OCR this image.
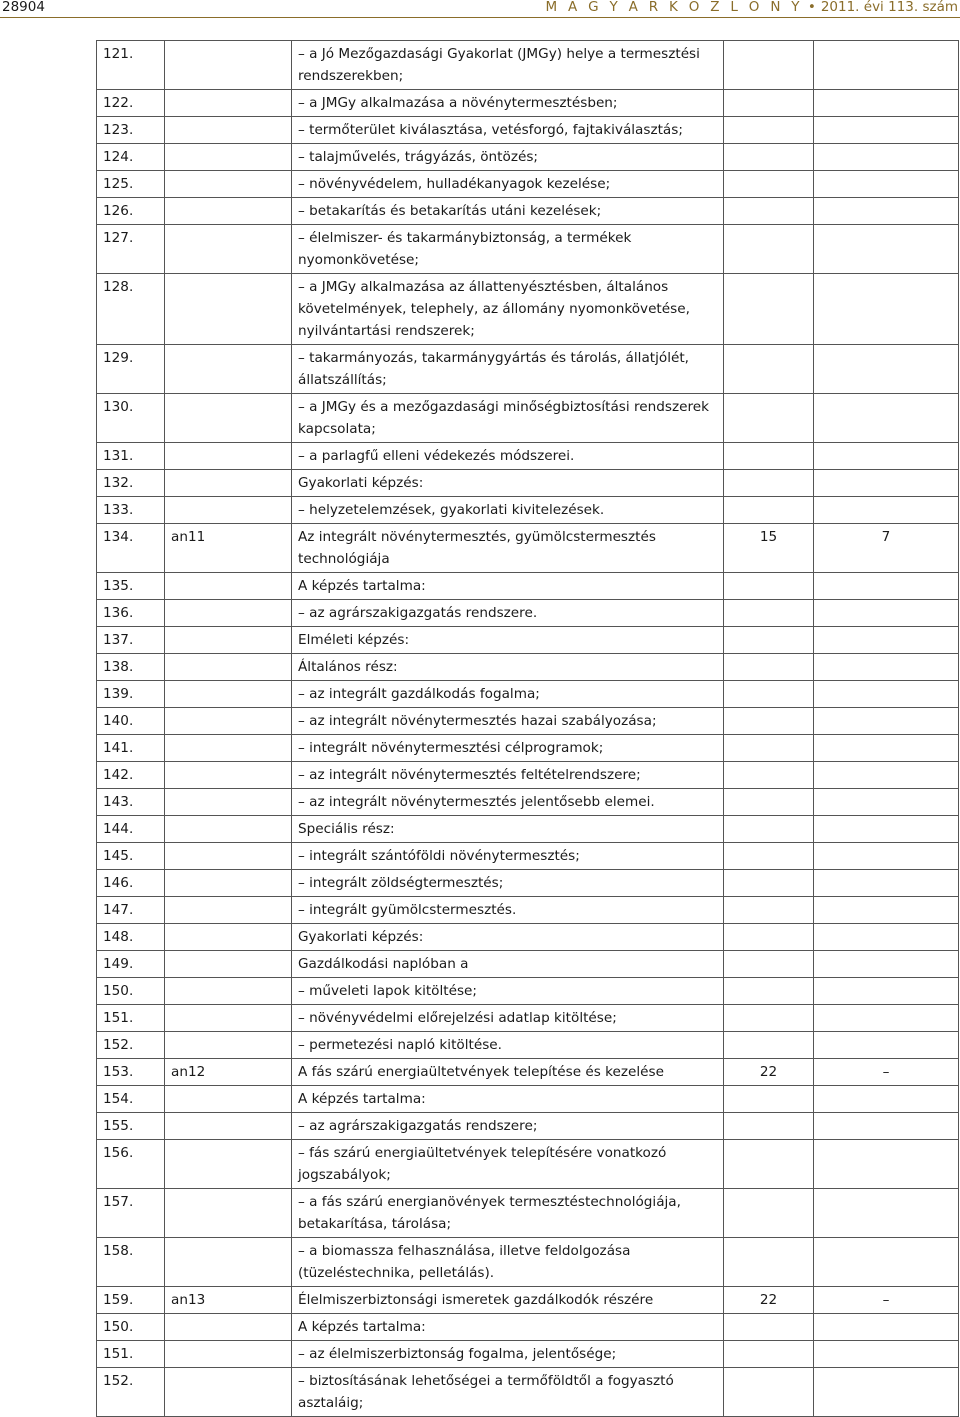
28904	M A G Y A R K Ö Z L Ö N Y • 2011. évi 113. szám
121.		– a Jó Mezőgazdasági Gyakorlat (JMGy) helye a termesztési rendszerekben;		
122.		– a JMGy alkalmazása a növénytermesztésben;		
123.		– termőterület kiválasztása, vetésforgó, fajtakiválasztás;		
124.		– talajművelés, trágyázás, öntözés;		
125.		– növényvédelem, hulladékanyagok kezelése;		
126.		– betakarítás és betakarítás utáni kezelések;		
127.		– élelmiszer- és takarmánybiztonság, a termékek nyomonkövetése;		
128.		– a JMGy alkalmazása az állattenyésztésben, általános követelmények, telephely, az állomány nyomonkövetése, nyilvántartási rendszerek;		
129.		– takarmányozás, takarmánygyártás és tárolás, állatjólét, állatszállítás;		
130.		– a JMGy és a mezőgazdasági minőségbiztosítási rendszerek kapcsolata;		
131.		– a parlagfű elleni védekezés módszerei.		
132.		Gyakorlati képzés:		
133.		– helyzetelemzések, gyakorlati kivitelezések.		
134.	an11	Az integrált növénytermesztés, gyümölcstermesztés technológiája	15	7
135.		A képzés tartalma:		
136.		– az agrárszakigazgatás rendszere.		
137.		Elméleti képzés:		
138.		Általános rész:		
139.		– az integrált gazdálkodás fogalma;		
140.		– az integrált növénytermesztés hazai szabályozása;		
141.		– integrált növénytermesztési célprogramok;		
142.		– az integrált növénytermesztés feltételrendszere;		
143.		– az integrált növénytermesztés jelentősebb elemei.		
144.		Speciális rész:		
145.		– integrált szántóföldi növénytermesztés;		
146.		– integrált zöldségtermesztés;		
147.		– integrált gyümölcstermesztés.		
148.		Gyakorlati képzés:		
149.		Gazdálkodási naplóban a		
150.		– műveleti lapok kitöltése;		
151.		– növényvédelmi előrejelzési adatlap kitöltése;		
152.		– permetezési napló kitöltése.		
153.	an12	A fás szárú energiaültetvények telepítése és kezelése	22	–
154.		A képzés tartalma:		
155.		– az agrárszakigazgatás rendszere;		
156.		– fás szárú energiaültetvények telepítésére vonatkozó jogszabályok;		
157.		– a fás szárú energianövények termesztéstechnológiája, betakarítása, tárolása;		
158.		– a biomassza felhasználása, illetve feldolgozása (tüzeléstechnika, pelletálás).		
159.	an13	Élelmiszerbiztonsági ismeretek gazdálkodók részére	22	–
150.		A képzés tartalma:		
151.		– az élelmiszerbiztonság fogalma, jelentősége;		
152.		– biztosításának lehetőségei a termőföldtől a fogyasztó asztaláig;		
